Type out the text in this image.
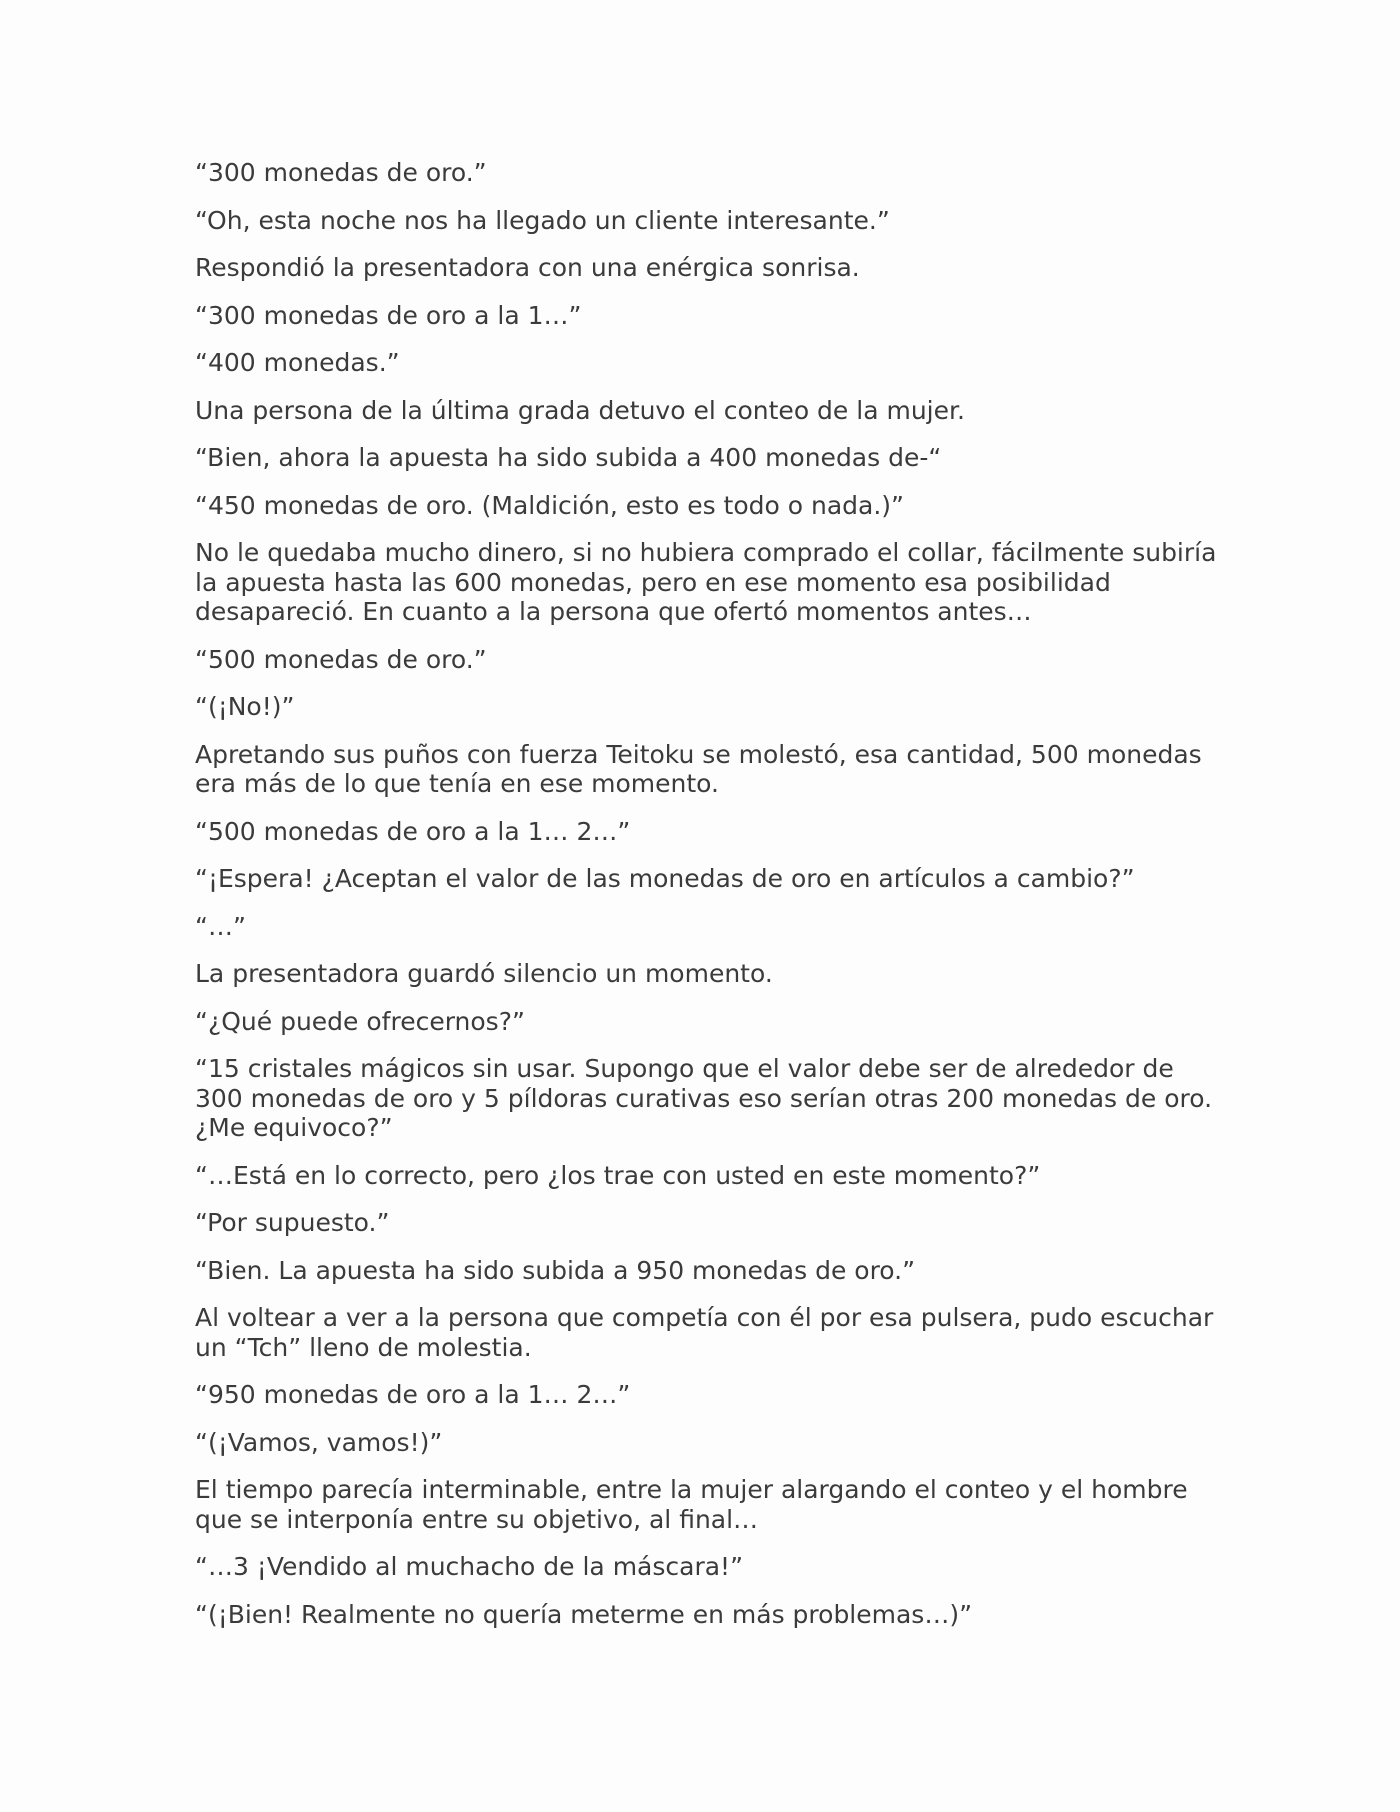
“300 monedas de oro.”

“Oh, esta noche nos ha llegado un cliente interesante.”

Respondió la presentadora con una enérgica sonrisa.

“300 monedas de oro a la 1…”

“400 monedas.”

Una persona de la última grada detuvo el conteo de la mujer.

“Bien, ahora la apuesta ha sido subida a 400 monedas de-“

“450 monedas de oro. (Maldición, esto es todo o nada.)”

No le quedaba mucho dinero, si no hubiera comprado el collar, fácilmente subiría la apuesta hasta las 600 monedas, pero en ese momento esa posibilidad desapareció. En cuanto a la persona que ofertó momentos antes…

“500 monedas de oro.”

“(¡No!)”

Apretando sus puños con fuerza Teitoku se molestó, esa cantidad, 500 monedas era más de lo que tenía en ese momento.

“500 monedas de oro a la 1… 2…”

“¡Espera! ¿Aceptan el valor de las monedas de oro en artículos a cambio?”

“…”

La presentadora guardó silencio un momento.

“¿Qué puede ofrecernos?”

“15 cristales mágicos sin usar. Supongo que el valor debe ser de alrededor de 300 monedas de oro y 5 píldoras curativas eso serían otras 200 monedas de oro. ¿Me equivoco?”

“…Está en lo correcto, pero ¿los trae con usted en este momento?”

“Por supuesto.”

“Bien. La apuesta ha sido subida a 950 monedas de oro.”

Al voltear a ver a la persona que competía con él por esa pulsera, pudo escuchar un “Tch” lleno de molestia.

“950 monedas de oro a la 1… 2…”

“(¡Vamos, vamos!)”

El tiempo parecía interminable, entre la mujer alargando el conteo y el hombre que se interponía entre su objetivo, al final…

“…3 ¡Vendido al muchacho de la máscara!”

“(¡Bien! Realmente no quería meterme en más problemas…)”
